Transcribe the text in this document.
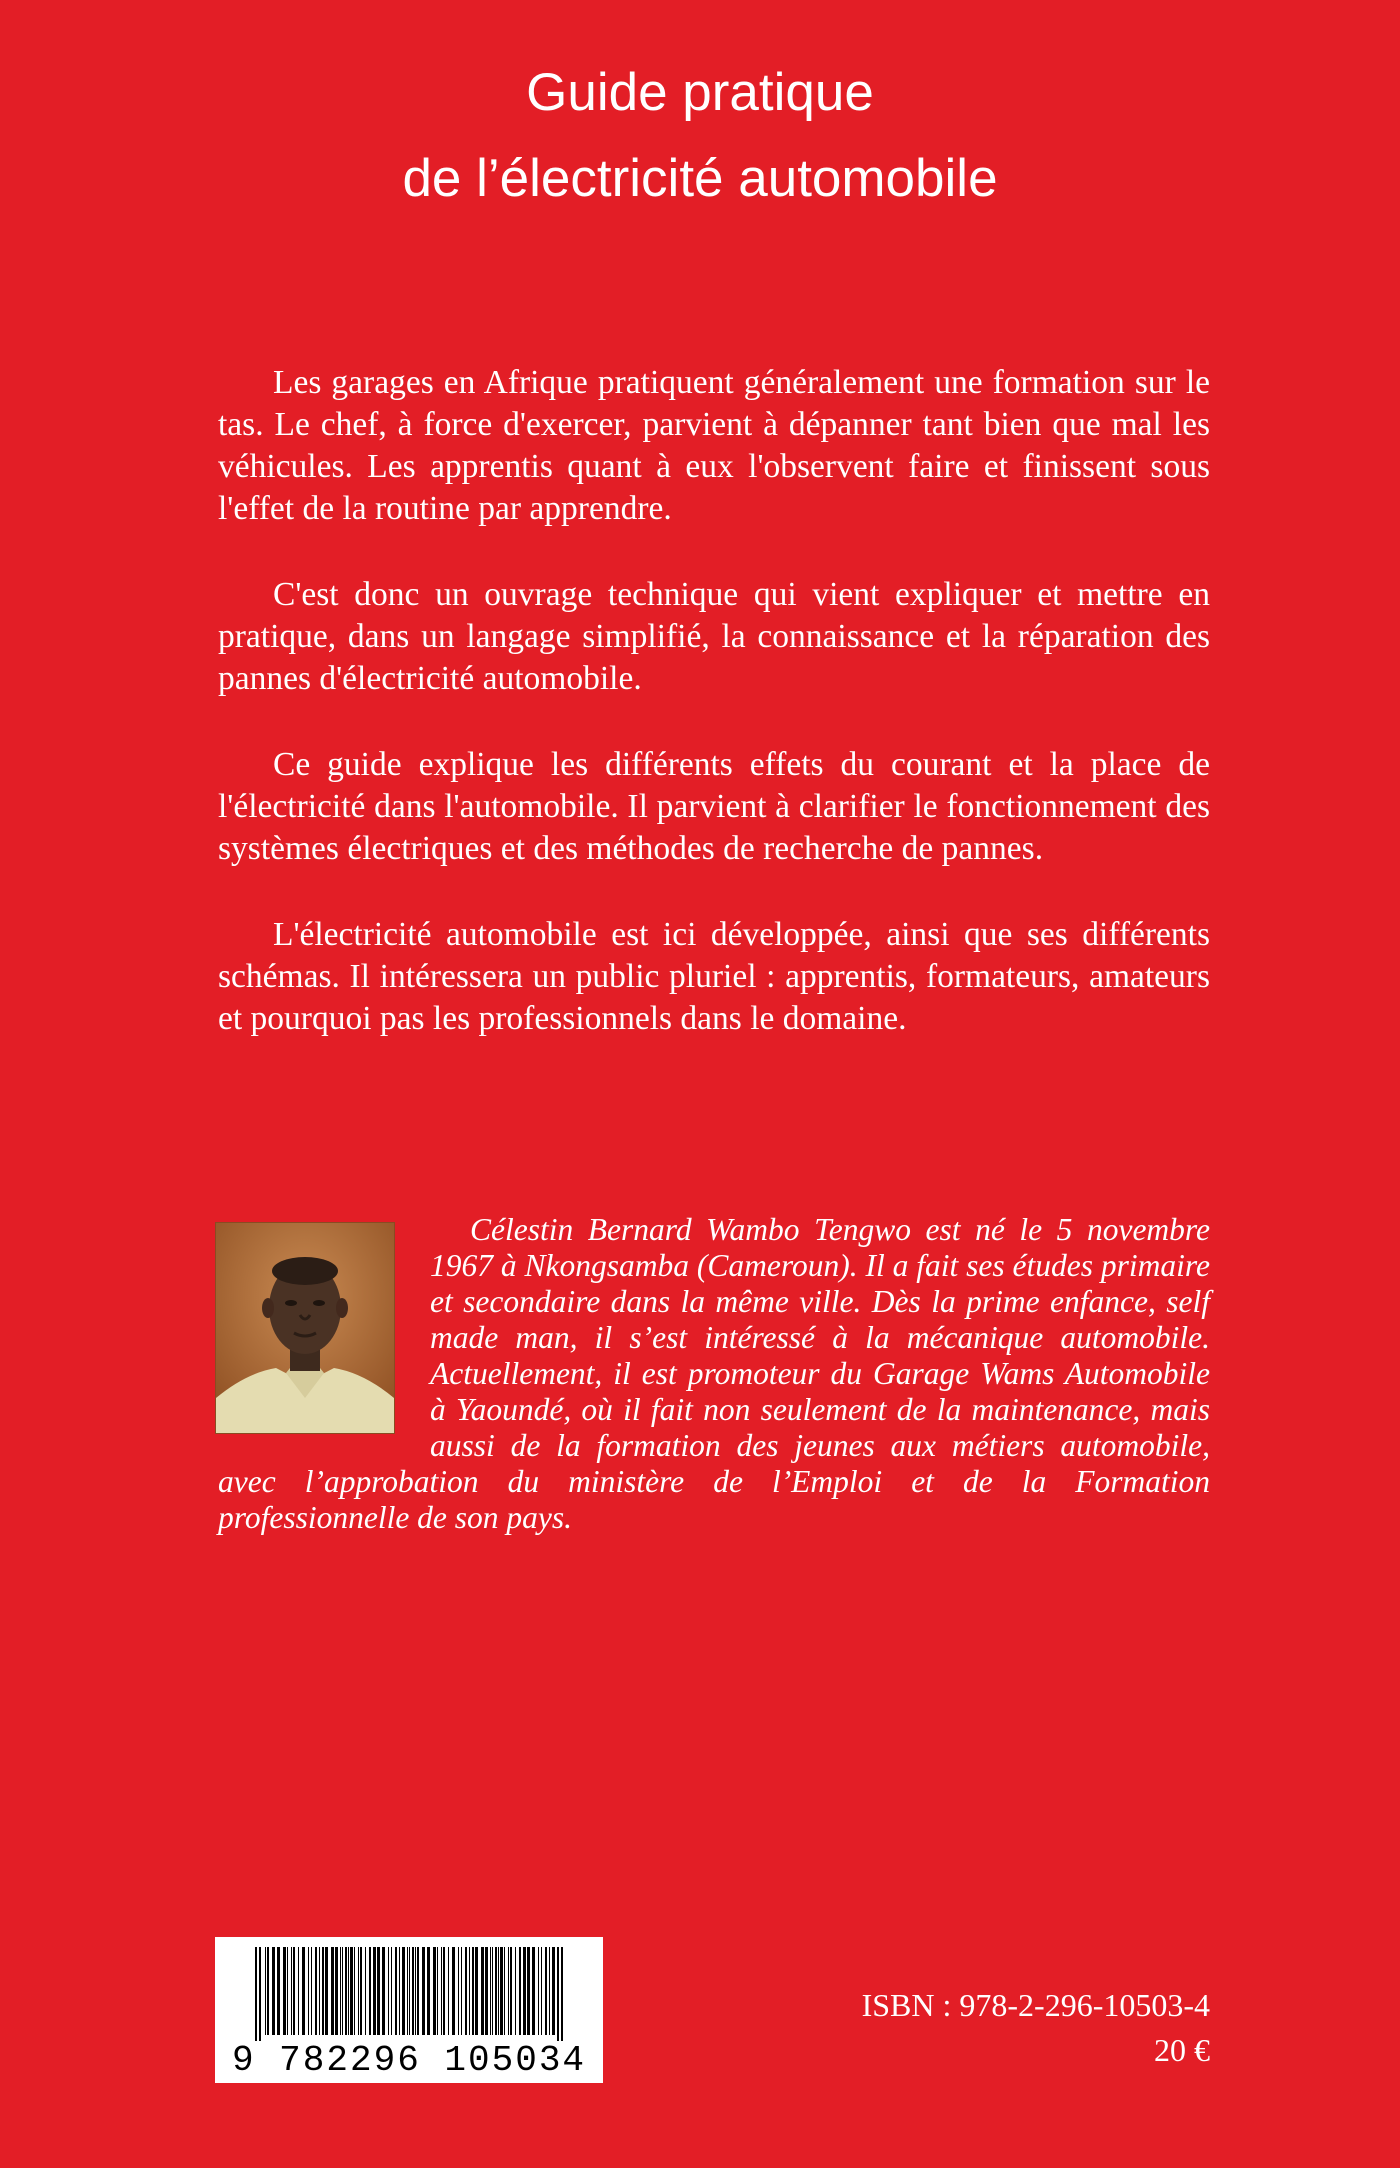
Guide pratique
de l’électricité automobile

Les garages en Afrique pratiquent généralement une formation sur le tas. Le chef, à force d'exercer, parvient à dépanner tant bien que mal les véhicules. Les apprentis quant à eux l'observent faire et finissent sous l'effet de la routine par apprendre.

C'est donc un ouvrage technique qui vient expliquer et mettre en pratique, dans un langage simplifié, la connaissance et la réparation des pannes d'électricité automobile.

Ce guide explique les différents effets du courant et la place de l'électricité dans l'automobile. Il parvient à clarifier le fonctionnement des systèmes électriques et des méthodes de recherche de pannes.

L'électricité automobile est ici développée, ainsi que ses différents schémas. Il intéressera un public pluriel : apprentis, formateurs, amateurs et pourquoi pas les professionnels dans le domaine.

Célestin Bernard Wambo Tengwo est né le 5 novembre 1967 à Nkongsamba (Cameroun). Il a fait ses études primaire et secondaire dans la même ville. Dès la prime enfance, self made man, il s’est intéressé à la mécanique automobile. Actuellement, il est promoteur du Garage Wams Automobile à Yaoundé, où il fait non seulement de la maintenance, mais aussi de la formation des jeunes aux métiers automobile, avec l’approbation du ministère de l’Emploi et de la Formation professionnelle de son pays.

9 782296 105034
ISBN : 978-2-296-10503-4
20 €
